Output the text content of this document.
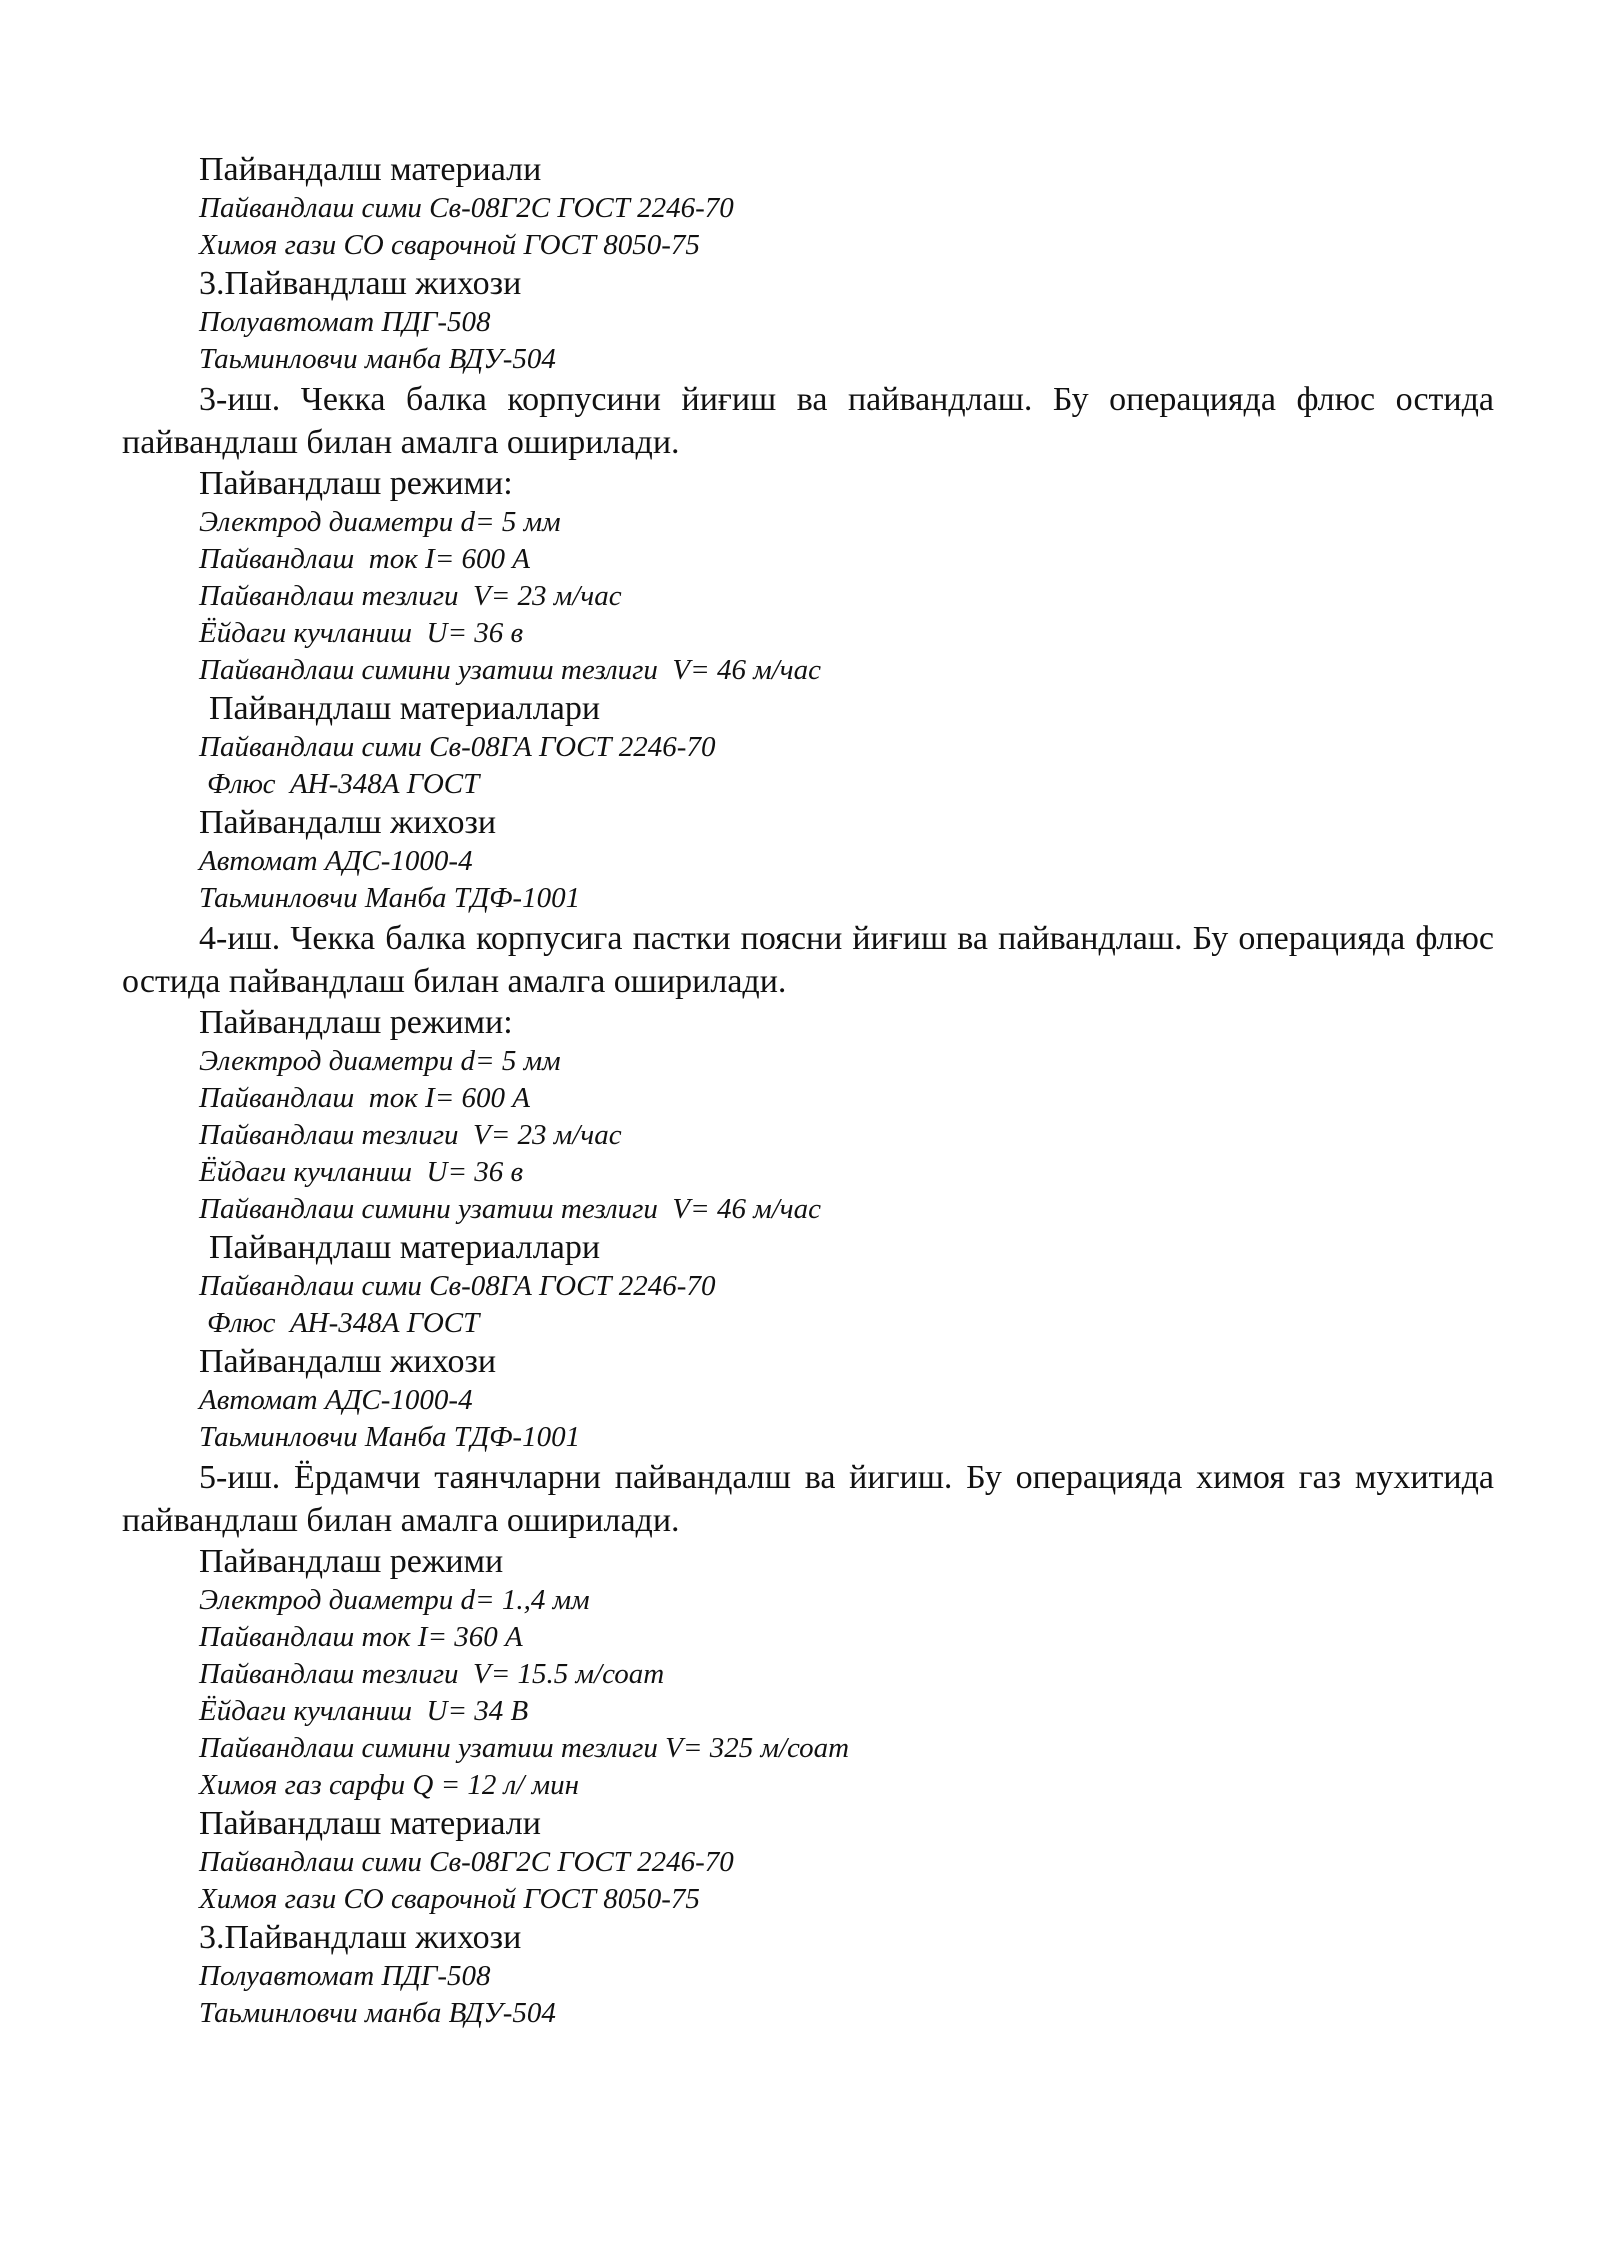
Пайвандалш материали
Пайвандлаш сими Св-08Г2С ГОСТ 2246-70
Химоя гази СО сварочной ГОСТ 8050-75
3.Пайвандлаш жихози
Полуавтомат ПДГ-508
Таьминловчи манба ВДУ-504

3-иш. Чекка балка корпусини йиғиш ва пайвандлаш. Бу операцияда флюс остида пайвандлаш билан амалга оширилади.

Пайвандлаш режими:
Электрод диаметри d= 5 мм
Пайвандлаш  ток I= 600 А
Пайвандлаш тезлиги  V= 23 м/час
Ёйдаги кучланиш  U= 36 в
Пайвандлаш симини узатиш тезлиги  V= 46 м/час
Пайвандлаш материаллари
Пайвандлаш сими Св-08ГА ГОСТ 2246-70
Флюс  АН-348А ГОСТ
Пайвандалш жихози
Автомат АДС-1000-4
Таьминловчи Манба ТДФ-1001

4-иш. Чекка балка корпусига пастки поясни йиғиш ва пайвандлаш. Бу операцияда флюс остида пайвандлаш билан амалга оширилади.

Пайвандлаш режими:
Электрод диаметри d= 5 мм
Пайвандлаш  ток I= 600 А
Пайвандлаш тезлиги  V= 23 м/час
Ёйдаги кучланиш  U= 36 в
Пайвандлаш симини узатиш тезлиги  V= 46 м/час
Пайвандлаш материаллари
Пайвандлаш сими Св-08ГА ГОСТ 2246-70
Флюс  АН-348А ГОСТ
Пайвандалш жихози
Автомат АДС-1000-4
Таьминловчи Манба ТДФ-1001

5-иш. Ёрдамчи таянчларни пайвандалш ва йигиш. Бу операцияда химоя газ мухитида пайвандлаш билан амалга оширилади.

Пайвандлаш режими
Электрод диаметри d= 1.,4 мм
Пайвандлаш ток I= 360 А
Пайвандлаш тезлиги  V= 15.5 м/соат
Ёйдаги кучланиш  U= 34 В
Пайвандлаш симини узатиш тезлиги V= 325 м/соат
Химоя газ сарфи Q = 12 л/ мин
Пайвандлаш материали
Пайвандлаш сими Св-08Г2С ГОСТ 2246-70
Химоя гази СО сварочной ГОСТ 8050-75
3.Пайвандлаш жихози
Полуавтомат ПДГ-508
Таьминловчи манба ВДУ-504
